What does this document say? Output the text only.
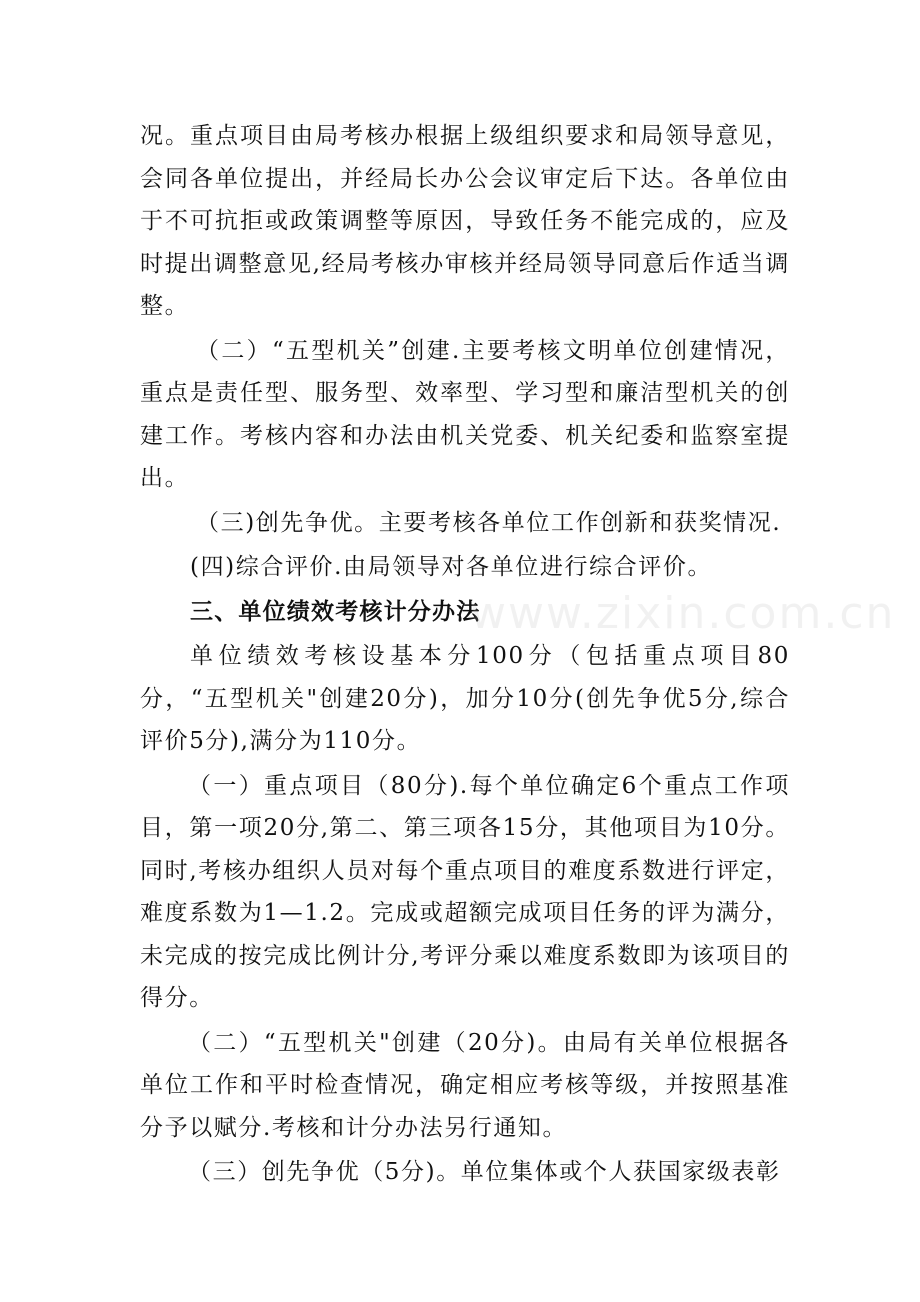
况。重点项目由局考核办根据上级组织要求和局领导意见，会同各单位提出，并经局长办公会议审定后下达。各单位由于不可抗拒或政策调整等原因，导致任务不能完成的，应及时提出调整意见,经局考核办审核并经局领导同意后作适当调整。

（二）“五型机关”创建.主要考核文明单位创建情况，重点是责任型、服务型、效率型、学习型和廉洁型机关的创建工作。考核内容和办法由机关党委、机关纪委和监察室提出。

（三)创先争优。主要考核各单位工作创新和获奖情况.

(四)综合评价.由局领导对各单位进行综合评价。

三、单位绩效考核计分办法

单位绩效考核设基本分100分（包括重点项目80分，“五型机关"创建20分)，加分10分(创先争优5分,综合评价5分),满分为110分。

（一）重点项目（80分).每个单位确定6个重点工作项目，第一项20分,第二、第三项各15分，其他项目为10分。同时,考核办组织人员对每个重点项目的难度系数进行评定，难度系数为1—1.2。完成或超额完成项目任务的评为满分，未完成的按完成比例计分,考评分乘以难度系数即为该项目的得分。

（二）“五型机关"创建（20分)。由局有关单位根据各单位工作和平时检查情况，确定相应考核等级，并按照基准分予以赋分.考核和计分办法另行通知。

（三）创先争优（5分)。单位集体或个人获国家级表彰

www.zixin.com.cn
